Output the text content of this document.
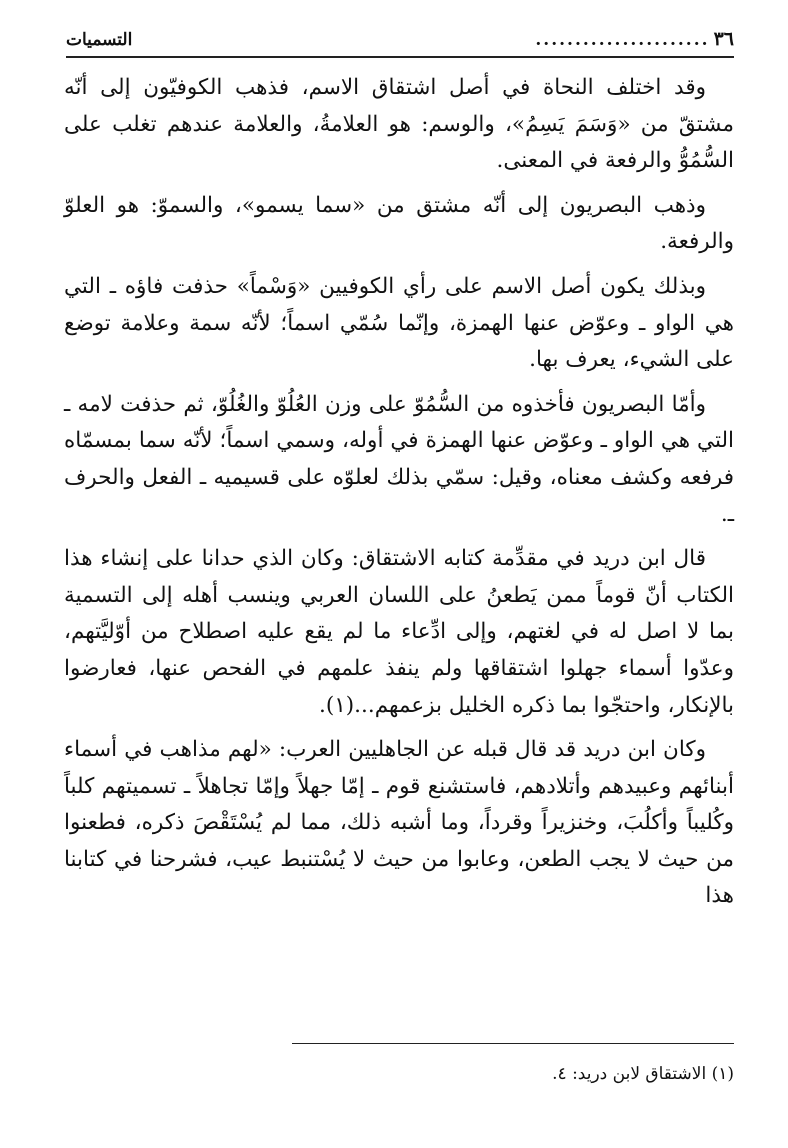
٣٦
......................
التسميات

وقد اختلف النحاة في أصل اشتقاق الاسم، فذهب الكوفيّون إلى أنّه مشتقّ من «وَسَمَ يَسِمُ»، والوسم: هو العلامةُ، والعلامة عندهم تغلب على السُّمُوُّ والرفعة في المعنى.

وذهب البصريون إلى أنّه مشتق من «سما يسمو»، والسموّ: هو العلوّ والرفعة.

وبذلك يكون أصل الاسم على رأي الكوفيين «وَسْماً» حذفت فاؤه ـ التي هي الواو ـ وعوّض عنها الهمزة، وإنّما سُمّي اسماً؛ لأنّه سمة وعلامة توضع على الشيء، يعرف بها.

وأمّا البصريون فأخذوه من السُّمُوّ على وزن العُلُوّ والغُلُوّ، ثم حذفت لامه ـ التي هي الواو ـ وعوّض عنها الهمزة في أوله، وسمي اسماً؛ لأنّه سما بمسمّاه فرفعه وكشف معناه، وقيل: سمّي بذلك لعلوّه على قسيميه ـ الفعل والحرف ـ.

قال ابن دريد في مقدِّمة كتابه الاشتقاق: وكان الذي حدانا على إنشاء هذا الكتاب أنّ قوماً ممن يَطعنُ على اللسان العربي وينسب أهله إلى التسمية بما لا اصل له في لغتهم، وإلى ادِّعاء ما لم يقع عليه اصطلاح من أوّليَّتهم، وعدّوا أسماء جهلوا اشتقاقها ولم ينفذ علمهم في الفحص عنها، فعارضوا بالإنكار، واحتجّوا بما ذكره الخليل بزعمهم...(١).

وكان ابن دريد قد قال قبله عن الجاهليين العرب: «لهم مذاهب في أسماء أبنائهم وعبيدهم وأتلادهم، فاستشنع قوم ـ إمّا جهلاً وإمّا تجاهلاً ـ تسميتهم كلباً وكُليباً وأكلُبَ، وخنزيراً وقرداً، وما أشبه ذلك، مما لم يُسْتَقْصَ ذكره، فطعنوا من حيث لا يجب الطعن، وعابوا من حيث لا يُسْتنبط عيب، فشرحنا في كتابنا هذا

(١) الاشتقاق لابن دريد: ٤.
